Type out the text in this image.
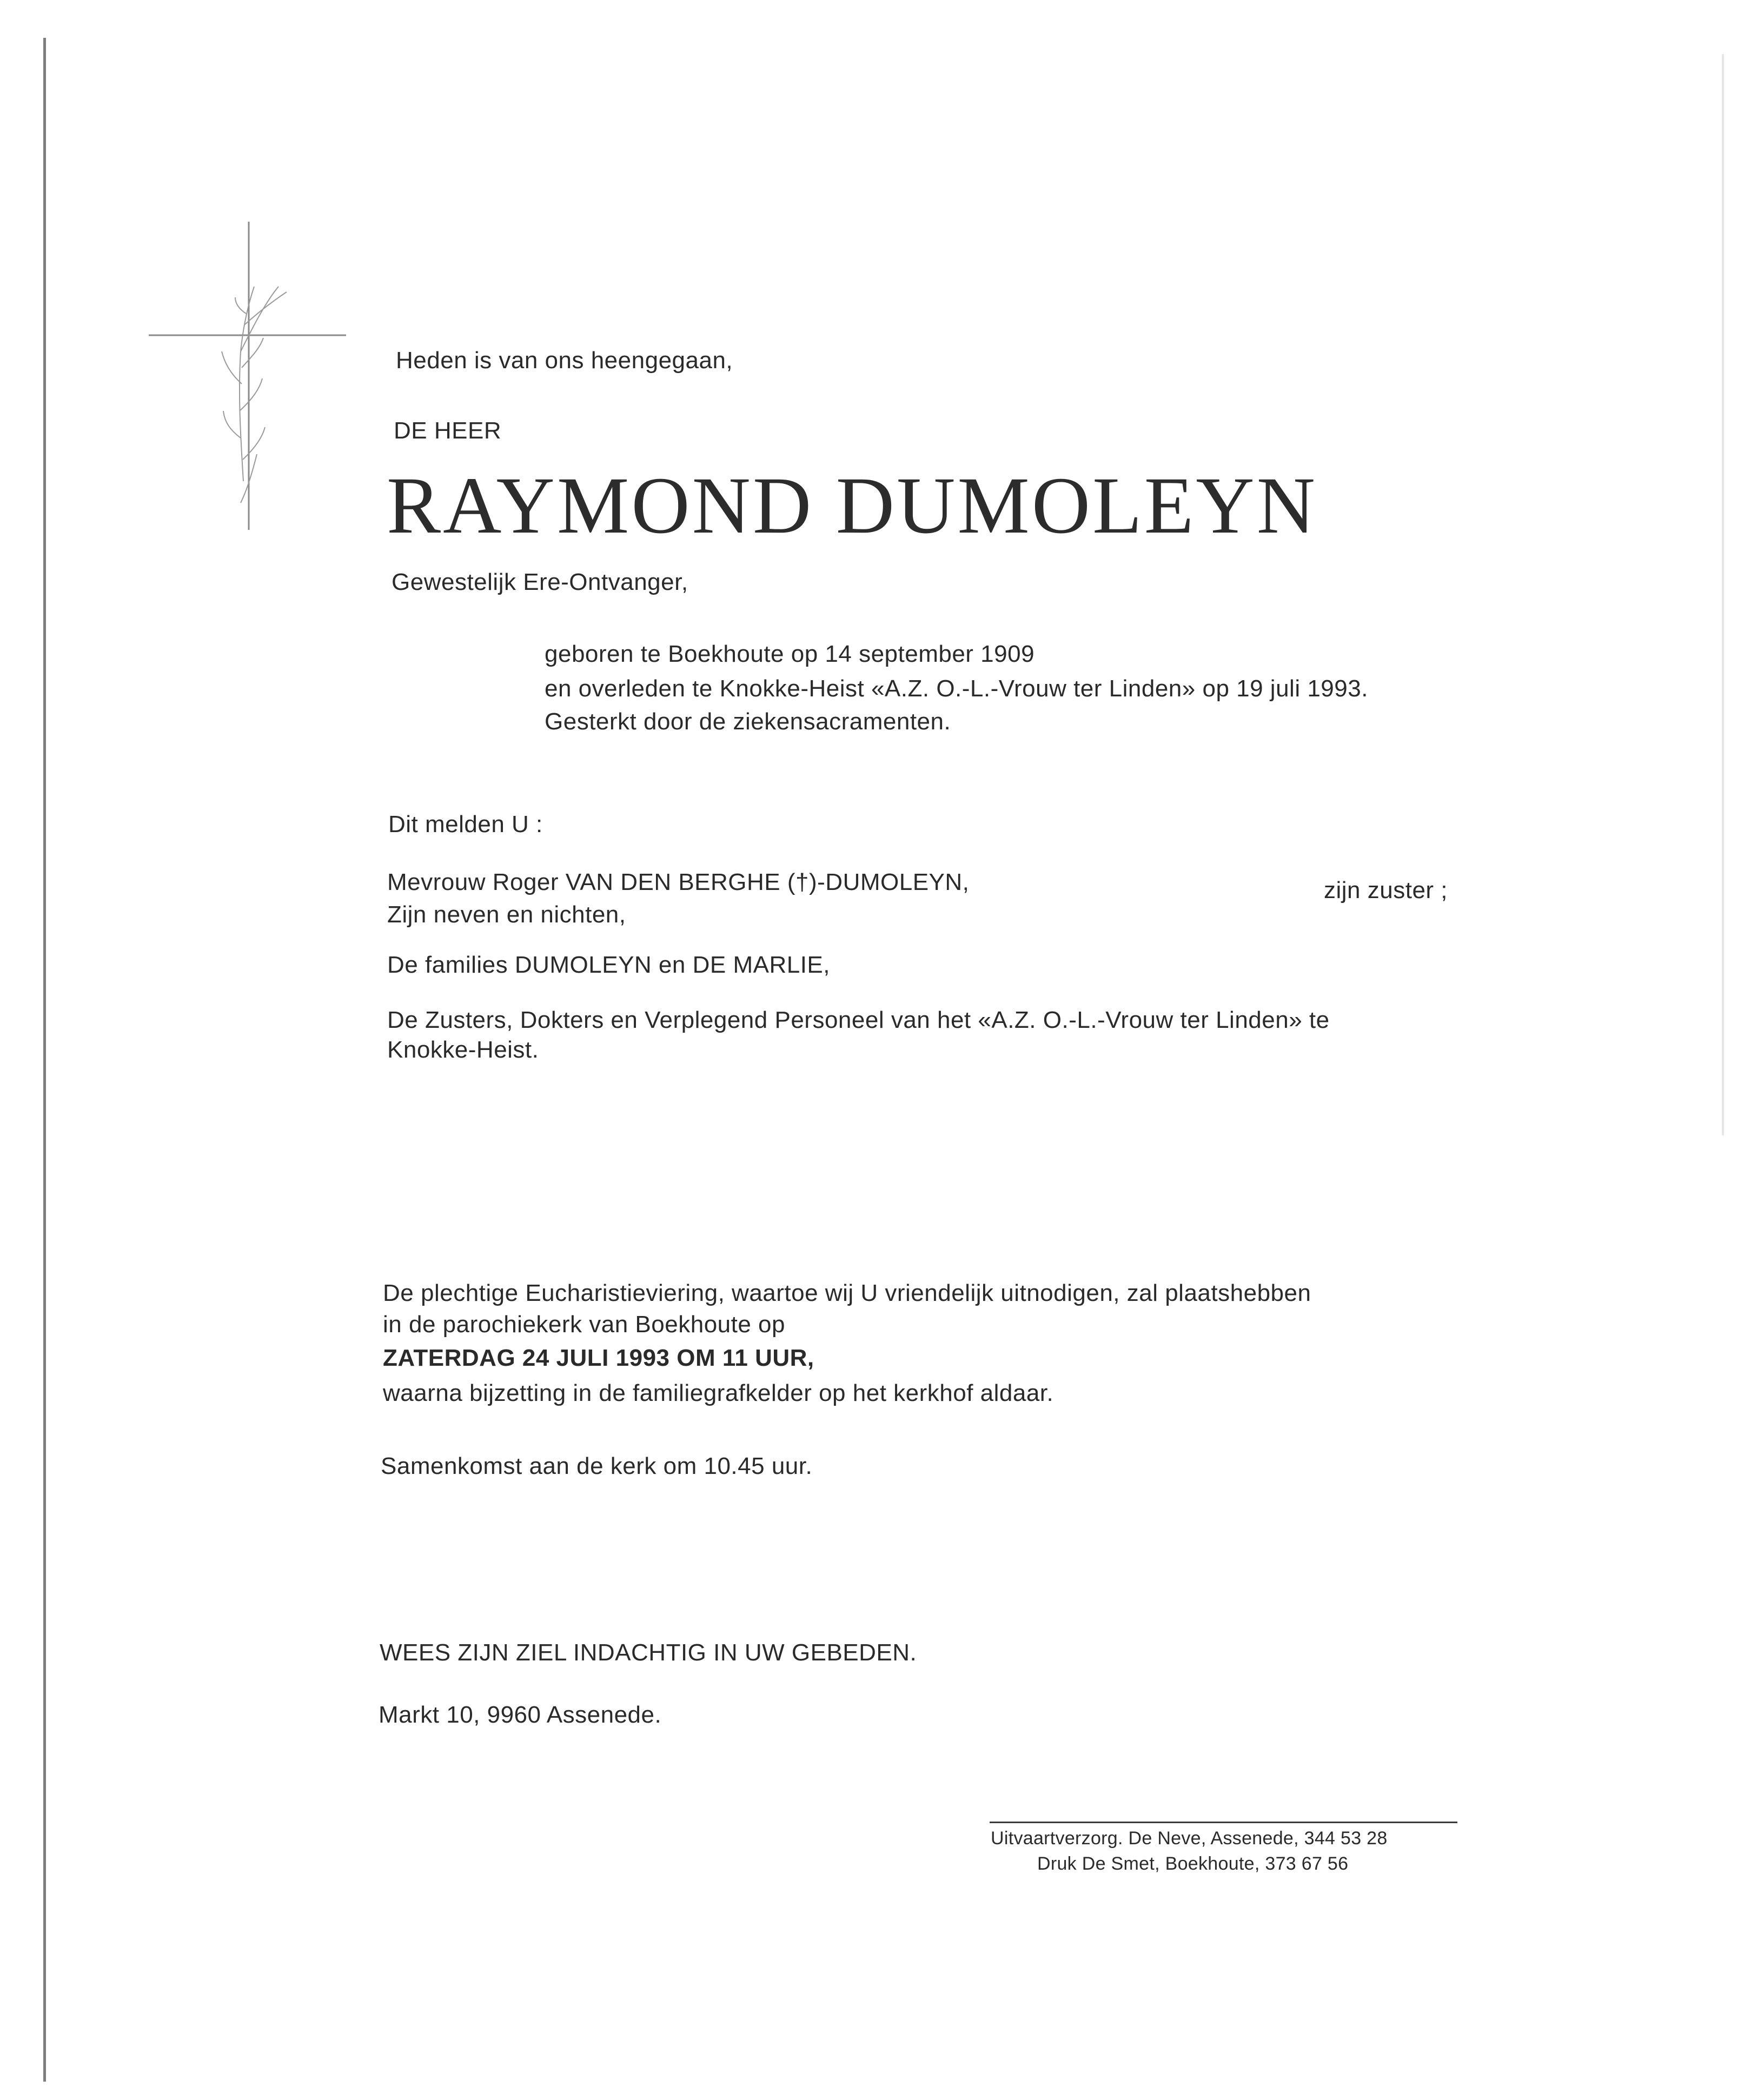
Heden is van ons heengegaan,
DE HEER
RAYMOND DUMOLEYN
Gewestelijk Ere-Ontvanger,
geboren te Boekhoute op 14 september 1909
en overleden te Knokke-Heist «A.Z. O.-L.-Vrouw ter Linden» op 19 juli 1993.
Gesterkt door de ziekensacramenten.
Dit melden U :
Mevrouw Roger VAN DEN BERGHE (†)-DUMOLEYN,	zijn zuster ;
Zijn neven en nichten,
De families DUMOLEYN en DE MARLIE,
De Zusters, Dokters en Verplegend Personeel van het «A.Z. O.-L.-Vrouw ter Linden» te
Knokke-Heist.
De plechtige Eucharistieviering, waartoe wij U vriendelijk uitnodigen, zal plaatshebben
in de parochiekerk van Boekhoute op
ZATERDAG 24 JULI 1993 OM 11 UUR,
waarna bijzetting in de familiegrafkelder op het kerkhof aldaar.
Samenkomst aan de kerk om 10.45 uur.
WEES ZIJN ZIEL INDACHTIG IN UW GEBEDEN.
Markt 10, 9960 Assenede.
Uitvaartverzorg. De Neve, Assenede, 344 53 28
Druk De Smet, Boekhoute, 373 67 56
